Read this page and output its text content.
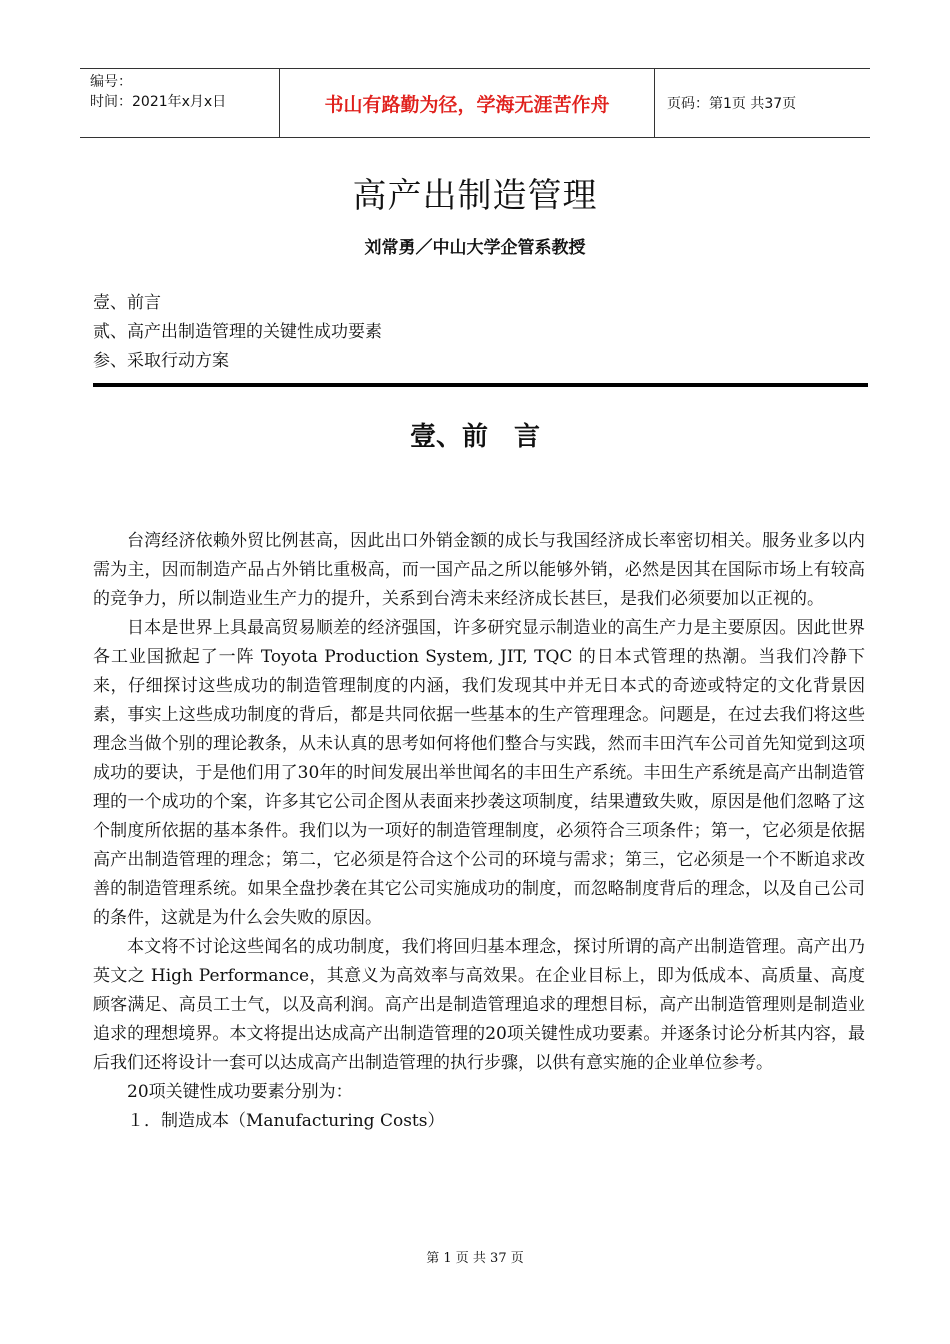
编号：
时间：2021年x月x日	书山有路勤为径，学海无涯苦作舟	页码：第1页 共37页
高产出制造管理
刘常勇／中山大学企管系教授
壹、前言
贰、高产出制造管理的关键性成功要素
参、采取行动方案
壹、前　言

台湾经济依赖外贸比例甚高，因此出口外销金额的成长与我国经济成长率密切相关。服务业多以内需为主，因而制造产品占外销比重极高，而一国产品之所以能够外销，必然是因其在国际市场上有较高的竞争力，所以制造业生产力的提升，关系到台湾未来经济成长甚巨，是我们必须要加以正视的。

日本是世界上具最高贸易顺差的经济强国，许多研究显示制造业的高生产力是主要原因。因此世界各工业国掀起了一阵 Toyota Production System, JIT, TQC 的日本式管理的热潮。当我们冷静下来，仔细探讨这些成功的制造管理制度的内涵，我们发现其中并无日本式的奇迹或特定的文化背景因素，事实上这些成功制度的背后，都是共同依据一些基本的生产管理理念。问题是，在过去我们将这些理念当做个别的理论教条，从未认真的思考如何将他们整合与实践，然而丰田汽车公司首先知觉到这项成功的要诀，于是他们用了30年的时间发展出举世闻名的丰田生产系统。丰田生产系统是高产出制造管理的一个成功的个案，许多其它公司企图从表面来抄袭这项制度，结果遭致失败，原因是他们忽略了这个制度所依据的基本条件。我们以为一项好的制造管理制度，必须符合三项条件；第一，它必须是依据高产出制造管理的理念；第二，它必须是符合这个公司的环境与需求；第三，它必须是一个不断追求改善的制造管理系统。如果全盘抄袭在其它公司实施成功的制度，而忽略制度背后的理念，以及自己公司的条件，这就是为什么会失败的原因。

本文将不讨论这些闻名的成功制度，我们将回归基本理念，探讨所谓的高产出制造管理。高产出乃英文之 High Performance，其意义为高效率与高效果。在企业目标上，即为低成本、高质量、高度顾客满足、高员工士气，以及高利润。高产出是制造管理追求的理想目标，高产出制造管理则是制造业追求的理想境界。本文将提出达成高产出制造管理的20项关键性成功要素。并逐条讨论分析其内容，最后我们还将设计一套可以达成高产出制造管理的执行步骤，以供有意实施的企业单位参考。

20项关键性成功要素分别为：

１．制造成本（Manufacturing Costs）

第 1 页 共 37 页
